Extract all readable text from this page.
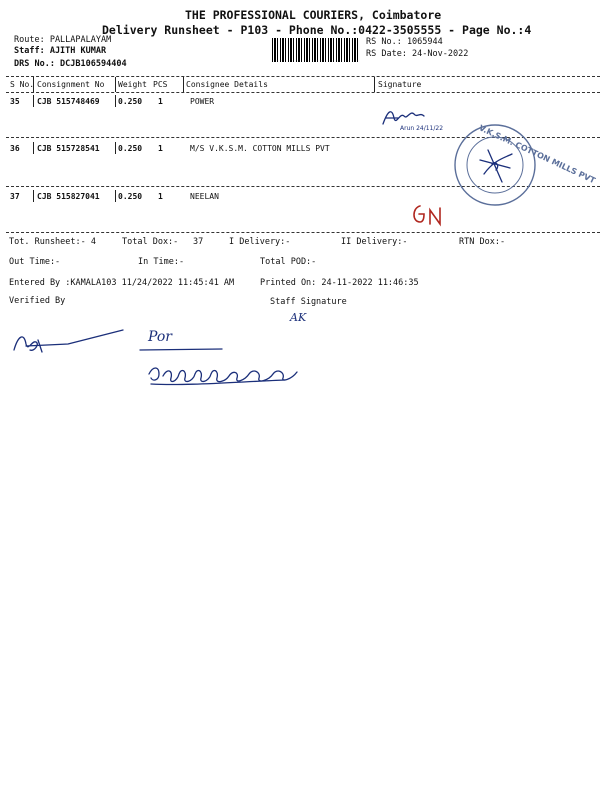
THE PROFESSIONAL COURIERS, Coimbatore
Delivery Runsheet - P103 - Phone No.:0422-3505555 - Page No.:4
Route: PALLAPALAYAM
Staff: AJITH KUMAR
DRS No.: DCJB106594404
RS No.: 1065944
RS Date: 24-Nov-2022
S No. Consignment No Weight PCS Consignee Details	Signature
35 CJB 515748469 0.250 1	POWER
36 CJB 515728541 0.250 1	M/S V.K.S.M. COTTON MILLS PVT
37 CJB 515827041 0.250 1	NEELAN
Arun 24/11/22	V.K.S.M. COTTON MILLS PVT
Tot. Runsheet:- 4	Total Dox:- 37	I Delivery:-	II Delivery:-	RTN Dox:-
Out Time:-	In Time:-	Total POD:-
Entered By :KAMALA103 11/24/2022 11:45:41 AM	Printed On: 24-11-2022 11:46:35
Verified By	Staff Signature
AK
Por
